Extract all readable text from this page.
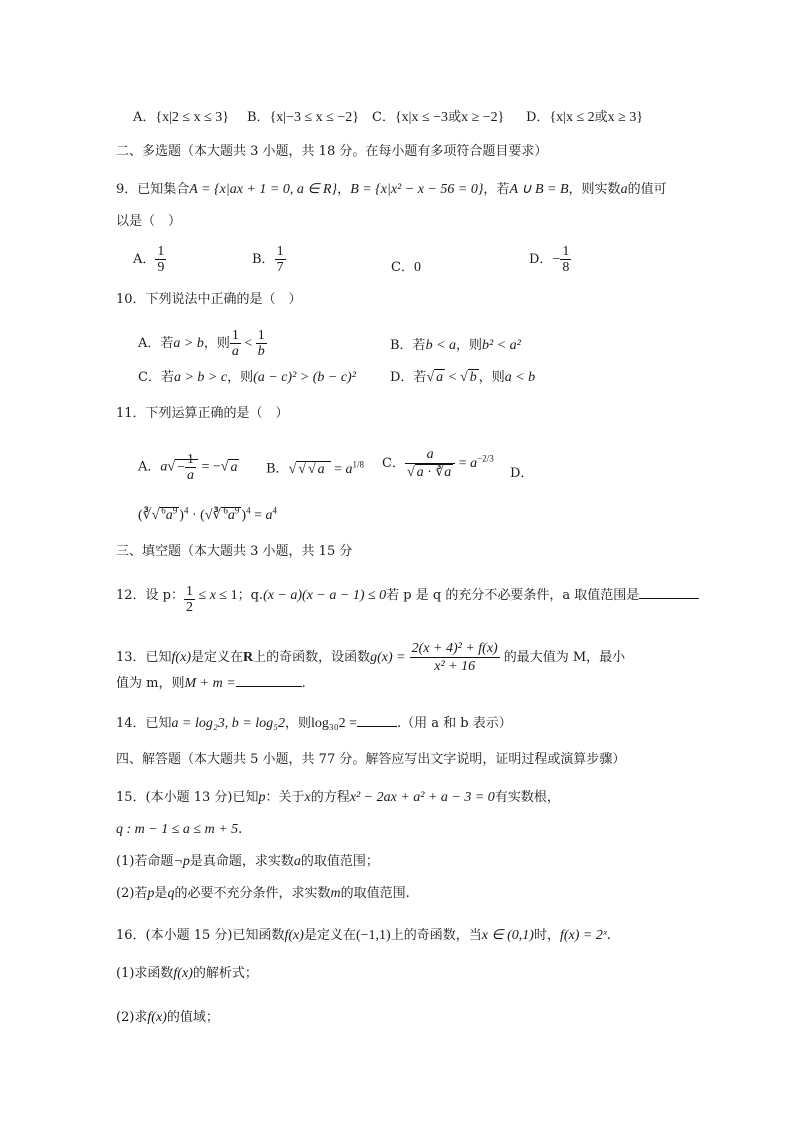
A．{x|2 ≤ x ≤ 3} B．{x|−3 ≤ x ≤ −2} C．{x|x ≤ −3或x ≥ −2} D．{x|x ≤ 2或x ≥ 3}
二、多选题（本大题共 3 小题，共 18 分。在每小题有多项符合题目要求）
9．已知集合A = {x|ax + 1 = 0, a ∈ R}，B = {x|x² − x − 56 = 0}，若A ∪ B = B，则实数a的值可
以是（　）
A． $\frac{1}{9}$	B． $\frac{1}{7}$	C．0
D．− $\frac{1}{8}$
10．下列说法中正确的是（　）
A．若a > b，则 $\frac{1}{a} < \frac{1}{b}$	B．若b < a，则b² < a²
C．若a > b > c，则(a − c)² > (b − c)²	D．若√ a < √ b ，则a < b
11．下列运算正确的是（　）
A．$a√ - \frac{1}{a}$ = −√ a B．√ √ √ $a = a^{1/8}$ C． $\frac{a}{√ a \cdot ∛a} = a^{-2/3}$
D．
(∛√ $^6a^9$ )$^4$ · (√∛ $^6a^9$ )$^4 = a^4$
三、填空题（本大题共 3 小题，共 15 分
12．设 p： $\frac{1}{2} \le x \le 1$；q.(x − a)(x − a − 1) ≤ 0若 p 是 q 的充分不必要条件，a 取值范围是
13．已知f(x)是定义在R上的奇函数，设函数$g(x) = \frac{\text{2(x + 4)² + f(x)}}{\text{x² + 16}}$ 的最大值为 M，最小
值为 m，则M + m =	.
14．已知a = log₂3, b = log₅2，则log₃₀2 =	.（用 a 和 b 表示）
四、解答题（本大题共 5 小题，共 77 分。解答应写出文字说明，证明过程或演算步骤）
15．(本小题 13 分)已知p：关于x的方程x² − 2ax + a² + a − 3 = 0有实数根，
q : m − 1 ≤ a ≤ m + 5.
(1)若命题¬p是真命题，求实数a的取值范围；
(2)若p是q的必要不充分条件，求实数m的取值范围.
16．(本小题 15 分)已知函数f(x)是定义在(−1,1)上的奇函数，当x ∈ (0,1)时，f(x) = 2ˣ.
(1)求函数f(x)的解析式；
(2)求f(x)的值域；
